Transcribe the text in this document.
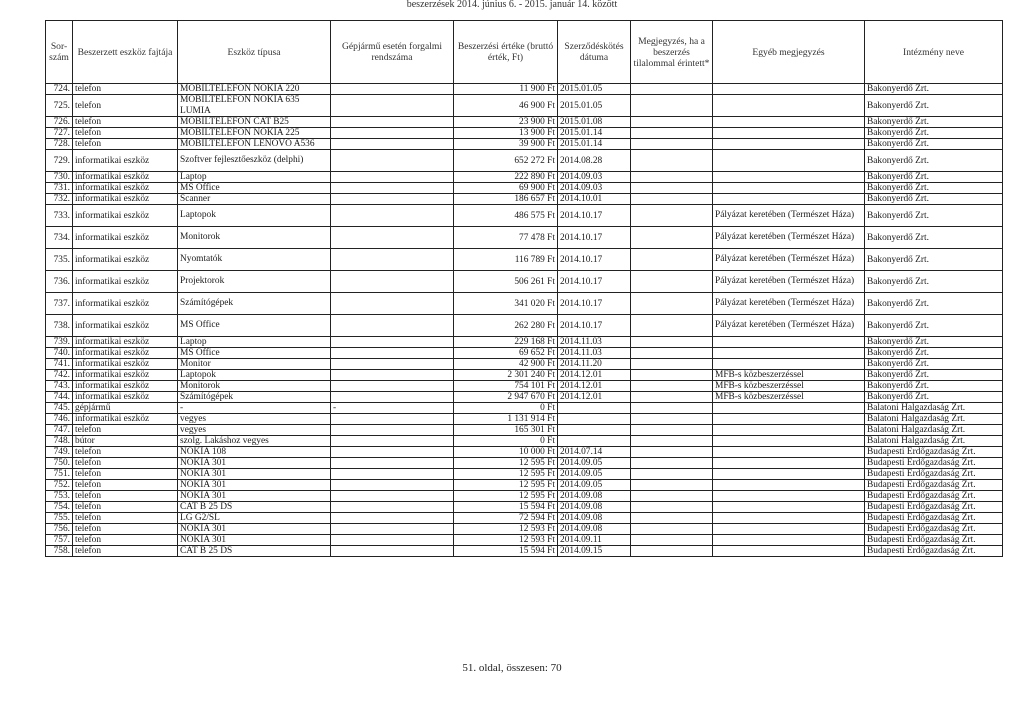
beszerzések 2014. június 6. - 2015. január 14. között
Sor- szám	Beszerzett eszköz fajtája	Eszköz típusa	Gépjármű esetén forgalmi rendszáma	Beszerzési értéke (bruttó érték, Ft)	Szerződéskötés dátuma	Megjegyzés, ha a beszerzés tilalommal érintett*	Egyéb megjegyzés	Intézmény neve
724.	telefon	MOBILTELEFON NOKIA 220		11 900 Ft	2015.01.05			Bakonyerdő Zrt.
725.	telefon	MOBILTELEFON NOKIA 635 LUMIA		46 900 Ft	2015.01.05			Bakonyerdő Zrt.
726.	telefon	MOBILTELEFON CAT B25		23 900 Ft	2015.01.08			Bakonyerdő Zrt.
727.	telefon	MOBILTELEFON NOKIA 225		13 900 Ft	2015.01.14			Bakonyerdő Zrt.
728.	telefon	MOBILTELEFON LENOVO A536		39 900 Ft	2015.01.14			Bakonyerdő Zrt.
729.	informatikai eszköz	Szoftver fejlesztőeszköz (delphi)		652 272 Ft	2014.08.28			Bakonyerdő Zrt.
730.	informatikai eszköz	Laptop		222 890 Ft	2014.09.03			Bakonyerdő Zrt.
731.	informatikai eszköz	MS Office		69 900 Ft	2014.09.03			Bakonyerdő Zrt.
732.	informatikai eszköz	Scanner		186 657 Ft	2014.10.01			Bakonyerdő Zrt.
733.	informatikai eszköz	Laptopok		486 575 Ft	2014.10.17		Pályázat keretében (Természet Háza)	Bakonyerdő Zrt.
734.	informatikai eszköz	Monitorok		77 478 Ft	2014.10.17		Pályázat keretében (Természet Háza)	Bakonyerdő Zrt.
735.	informatikai eszköz	Nyomtatók		116 789 Ft	2014.10.17		Pályázat keretében (Természet Háza)	Bakonyerdő Zrt.
736.	informatikai eszköz	Projektorok		506 261 Ft	2014.10.17		Pályázat keretében (Természet Háza)	Bakonyerdő Zrt.
737.	informatikai eszköz	Számítógépek		341 020 Ft	2014.10.17		Pályázat keretében (Természet Háza)	Bakonyerdő Zrt.
738.	informatikai eszköz	MS Office		262 280 Ft	2014.10.17		Pályázat keretében (Természet Háza)	Bakonyerdő Zrt.
739.	informatikai eszköz	Laptop		229 168 Ft	2014.11.03			Bakonyerdő Zrt.
740.	informatikai eszköz	MS Office		69 652 Ft	2014.11.03			Bakonyerdő Zrt.
741.	informatikai eszköz	Monitor		42 900 Ft	2014.11.20			Bakonyerdő Zrt.
742.	informatikai eszköz	Laptopok		2 301 240 Ft	2014.12.01		MFB-s közbeszerzéssel	Bakonyerdő Zrt.
743.	informatikai eszköz	Monitorok		754 101 Ft	2014.12.01		MFB-s közbeszerzéssel	Bakonyerdő Zrt.
744.	informatikai eszköz	Számítógépek		2 947 670 Ft	2014.12.01		MFB-s közbeszerzéssel	Bakonyerdő Zrt.
745.	gépjármű	-	-	0 Ft				Balatoni Halgazdaság Zrt.
746.	informatikai eszköz	vegyes		1 131 914 Ft				Balatoni Halgazdaság Zrt.
747.	telefon	vegyes		165 301 Ft				Balatoni Halgazdaság Zrt.
748.	bútor	szolg. Lakáshoz vegyes		0 Ft				Balatoni Halgazdaság Zrt.
749.	telefon	NOKIA 108		10 000 Ft	2014.07.14			Budapesti Erdőgazdaság Zrt.
750.	telefon	NOKIA 301		12 595 Ft	2014.09.05			Budapesti Erdőgazdaság Zrt.
751.	telefon	NOKIA 301		12 595 Ft	2014.09.05			Budapesti Erdőgazdaság Zrt.
752.	telefon	NOKIA 301		12 595 Ft	2014.09.05			Budapesti Erdőgazdaság Zrt.
753.	telefon	NOKIA 301		12 595 Ft	2014.09.08			Budapesti Erdőgazdaság Zrt.
754.	telefon	CAT B 25 DS		15 594 Ft	2014.09.08			Budapesti Erdőgazdaság Zrt.
755.	telefon	LG G2/SL		72 594 Ft	2014.09.08			Budapesti Erdőgazdaság Zrt.
756.	telefon	NOKIA 301		12 593 Ft	2014.09.08			Budapesti Erdőgazdaság Zrt.
757.	telefon	NOKIA 301		12 593 Ft	2014.09.11			Budapesti Erdőgazdaság Zrt.
758.	telefon	CAT B 25 DS		15 594 Ft	2014.09.15			Budapesti Erdőgazdaság Zrt.
51. oldal, összesen: 70
